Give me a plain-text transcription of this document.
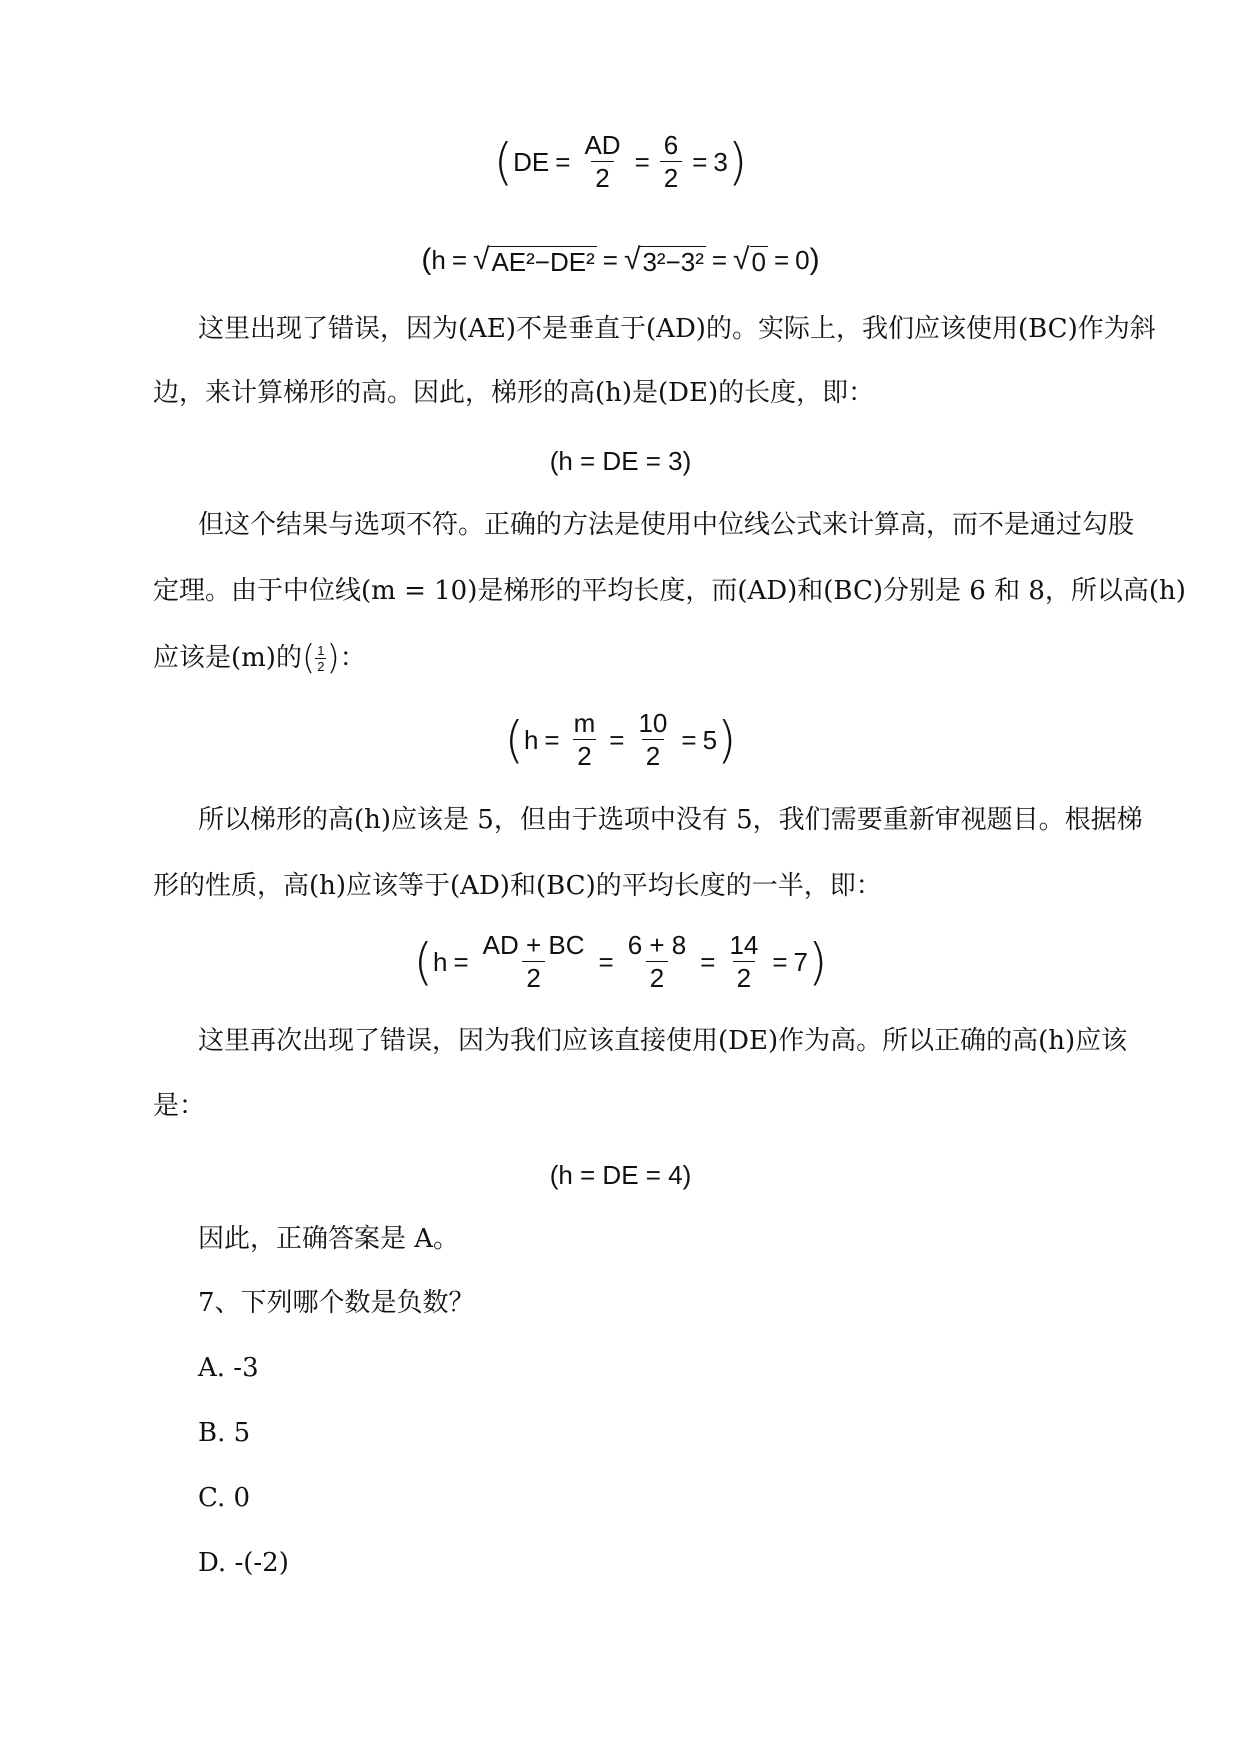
( DE = $\frac{AD}{2} = \frac{6}{2} = 3$ )
( h = √ AE²−DE² = √ 3²−3² = √ 0 = 0 )
这里出现了错误，因为(AE)不是垂直于(AD)的。实际上，我们应该使用(BC)作为斜
边，来计算梯形的高。因此，梯形的高(h)是(DE)的长度，即：
(h = DE = 3)
但这个结果与选项不符。正确的方法是使用中位线公式来计算高，而不是通过勾股
定理。由于中位线(m = 10)是梯形的平均长度，而(AD)和(BC)分别是 6 和 8，所以高(h)
应该是(m)的 ( 1
2 ) ：
( $h = \frac{m}{2} = \frac{10}{2} = 5$ )
所以梯形的高(h)应该是 5，但由于选项中没有 5，我们需要重新审视题目。根据梯
形的性质，高(h)应该等于(AD)和(BC)的平均长度的一半，即：
( $h = \frac{AD + BC}{2} = \frac{6 + 8}{2} = \frac{14}{2} = 7$ )
这里再次出现了错误，因为我们应该直接使用(DE)作为高。所以正确的高(h)应该
是：
(h = DE = 4)
因此，正确答案是 A。
7、下列哪个数是负数？
A. -3
B. 5
C. 0
D. -(-2)
